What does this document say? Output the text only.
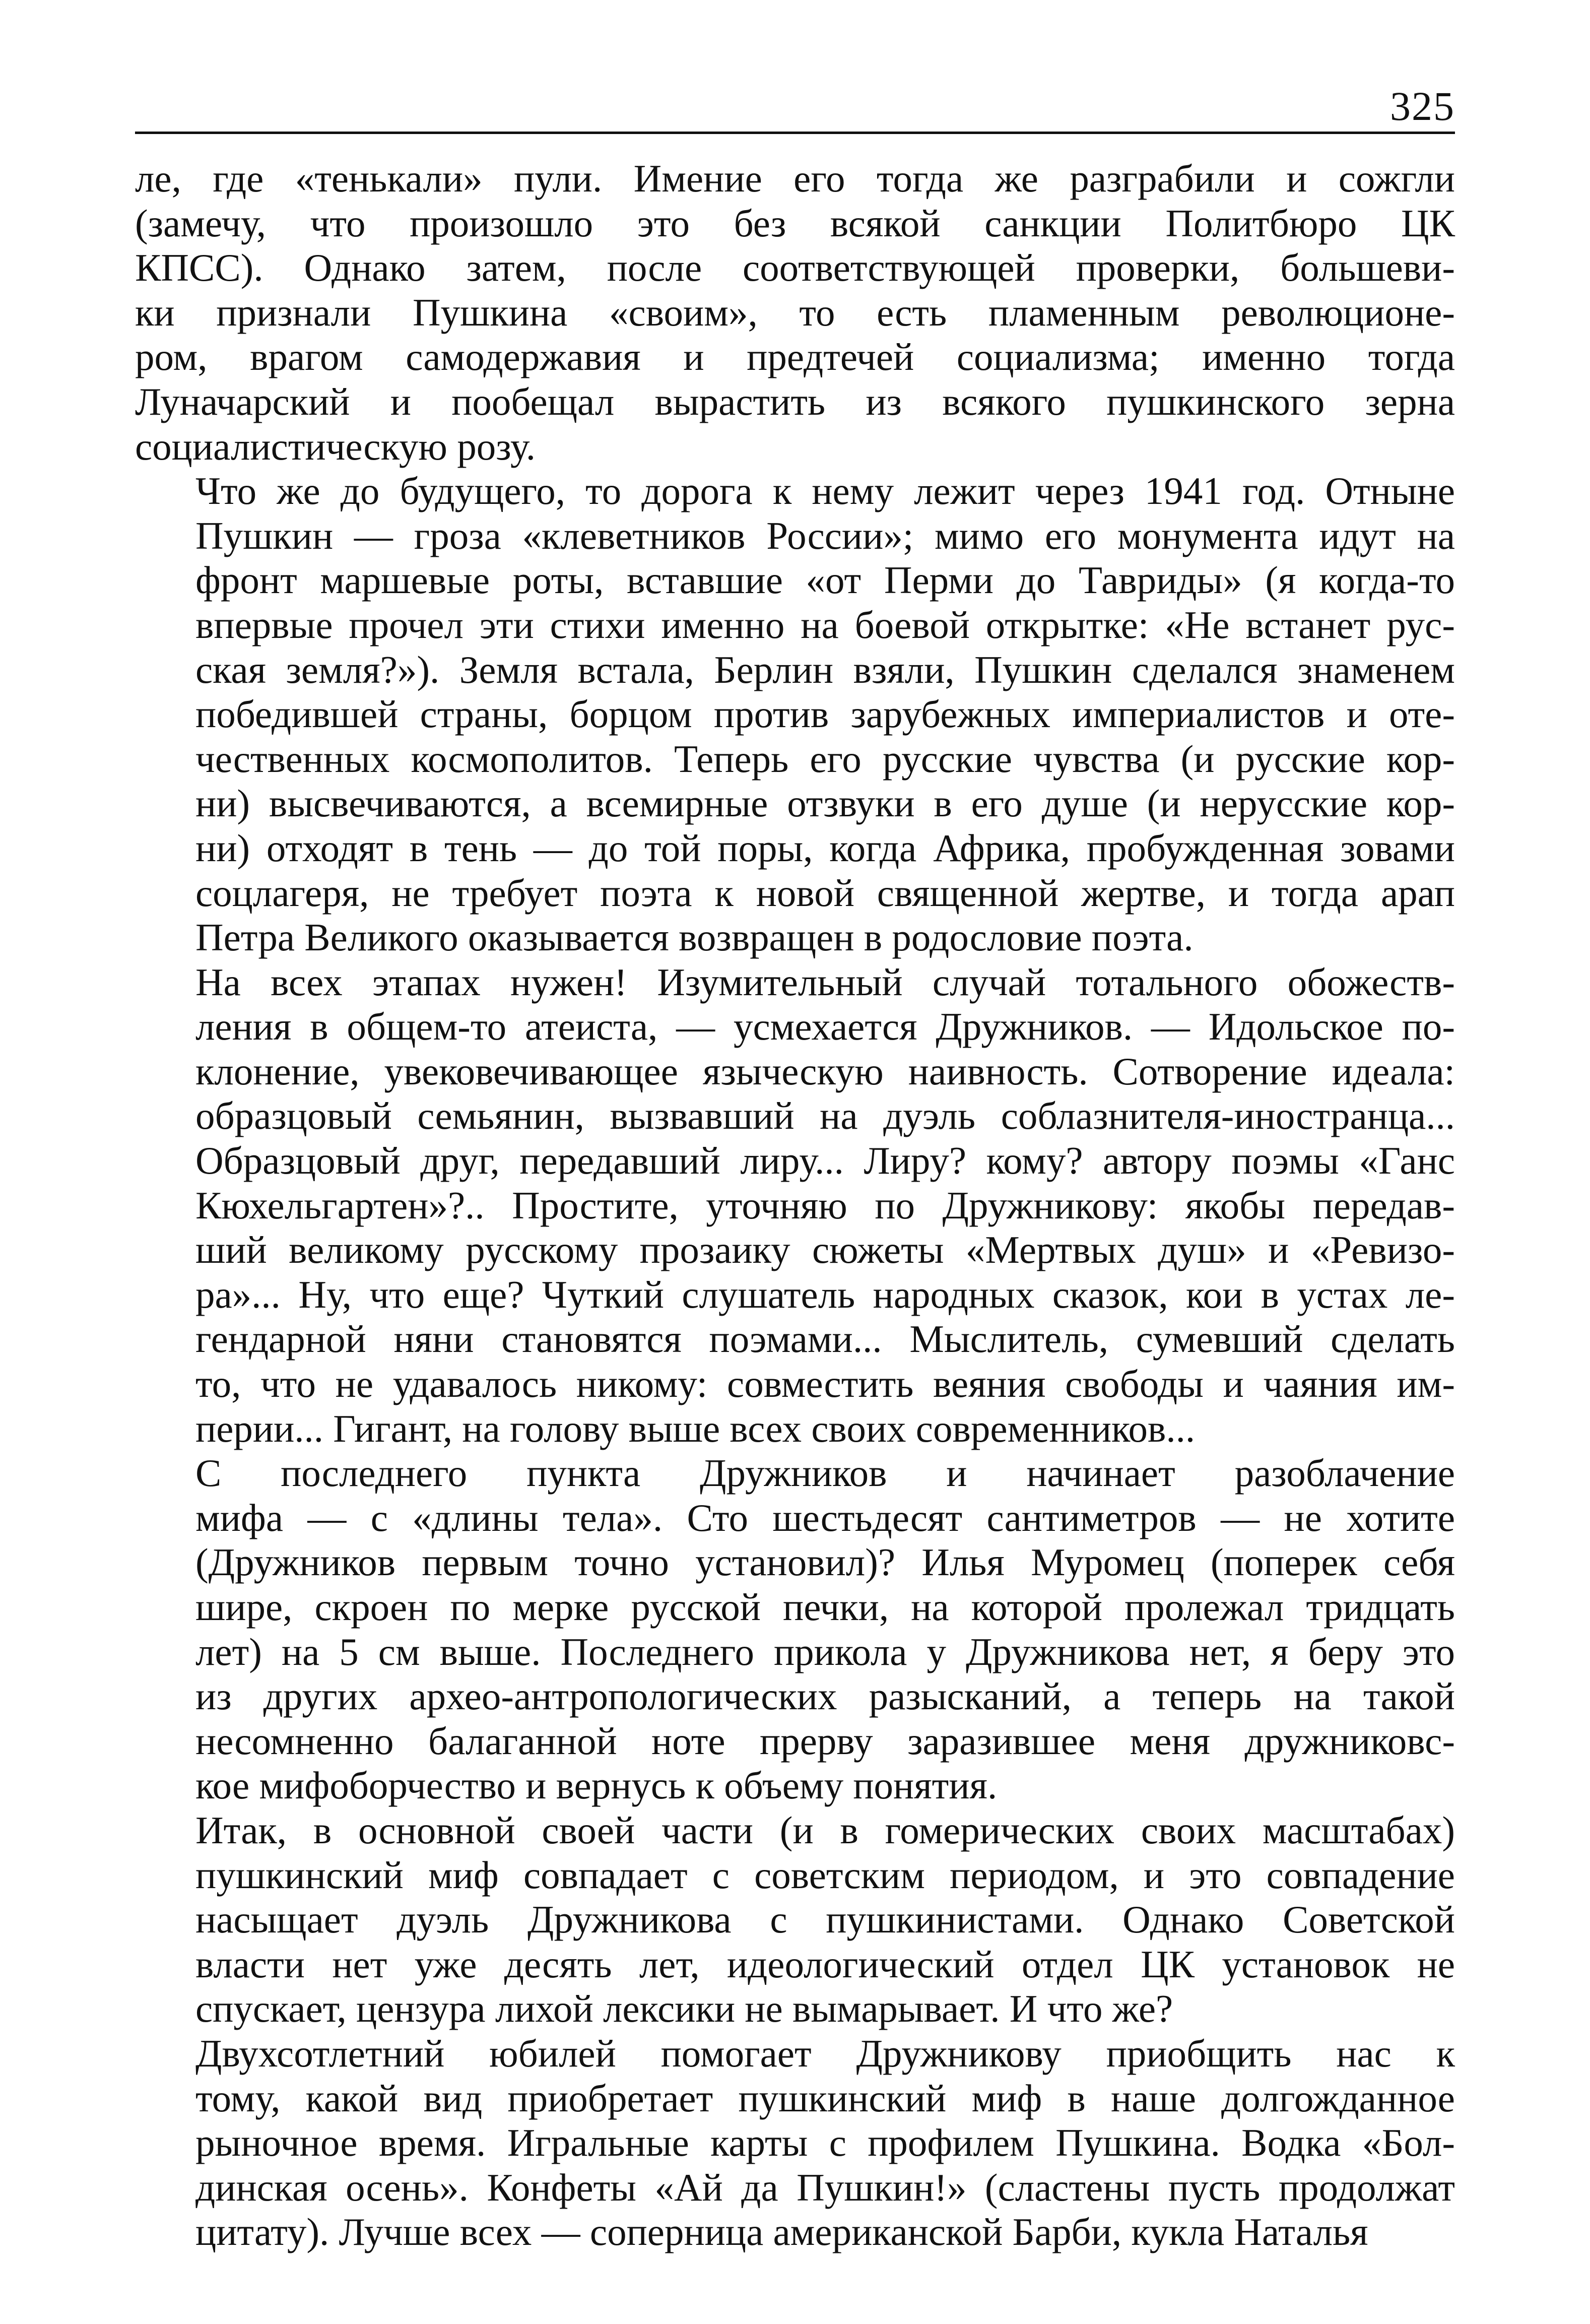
325
ле, где «тенькали» пули. Имение его тогда же разграбили и сожгли
(замечу, что произошло это без всякой санкции Политбюро ЦК
КПСС). Однако затем, после соответствующей проверки, большеви-
ки признали Пушкина «своим», то есть пламенным революционе-
ром, врагом самодержавия и предтечей социализма; именно тогда
Луначарский и пообещал вырастить из всякого пушкинского зерна
социалистическую розу.
Что же до будущего, то дорога к нему лежит через 1941 год. Отныне
Пушкин — гроза «клеветников России»; мимо его монумента идут на
фронт маршевые роты, вставшие «от Перми до Тавриды» (я когда-то
впервые прочел эти стихи именно на боевой открытке: «Не встанет рус-
ская земля?»). Земля встала, Берлин взяли, Пушкин сделался знаменем
победившей страны, борцом против зарубежных империалистов и оте-
чественных космополитов. Теперь его русские чувства (и русские кор-
ни) высвечиваются, а всемирные отзвуки в его душе (и нерусские кор-
ни) отходят в тень — до той поры, когда Африка, пробужденная зовами
соцлагеря, не требует поэта к новой священной жертве, и тогда арап
Петра Великого оказывается возвращен в родословие поэта.
На всех этапах нужен! Изумительный случай тотального обожеств-
ления в общем-то атеиста, — усмехается Дружников. — Идольское по-
клонение, увековечивающее языческую наивность. Сотворение идеала:
образцовый семьянин, вызвавший на дуэль соблазнителя-иностранца...
Образцовый друг, передавший лиру... Лиру? кому? автору поэмы «Ганс
Кюхельгартен»?.. Простите, уточняю по Дружникову: якобы передав-
ший великому русскому прозаику сюжеты «Мертвых душ» и «Ревизо-
ра»... Ну, что еще? Чуткий слушатель народных сказок, кои в устах ле-
гендарной няни становятся поэмами... Мыслитель, сумевший сделать
то, что не удавалось никому: совместить веяния свободы и чаяния им-
перии... Гигант, на голову выше всех своих современников...
С последнего пункта Дружников и начинает разоблачение
мифа — с «длины тела». Сто шестьдесят сантиметров — не хотите
(Дружников первым точно установил)? Илья Муромец (поперек себя
шире, скроен по мерке русской печки, на которой пролежал тридцать
лет) на 5 см выше. Последнего прикола у Дружникова нет, я беру это
из других архео-антропологических разысканий, а теперь на такой
несомненно балаганной ноте прерву заразившее меня дружниковс-
кое мифоборчество и вернусь к объему понятия.
Итак, в основной своей части (и в гомерических своих масштабах)
пушкинский миф совпадает с советским периодом, и это совпадение
насыщает дуэль Дружникова с пушкинистами. Однако Советской
власти нет уже десять лет, идеологический отдел ЦК установок не
спускает, цензура лихой лексики не вымарывает. И что же?
Двухсотлетний юбилей помогает Дружникову приобщить нас к
тому, какой вид приобретает пушкинский миф в наше долгожданное
рыночное время. Игральные карты с профилем Пушкина. Водка «Бол-
динская осень». Конфеты «Ай да Пушкин!» (сластены пусть продолжат
цитату). Лучше всех — соперница американской Барби, кукла Наталья
